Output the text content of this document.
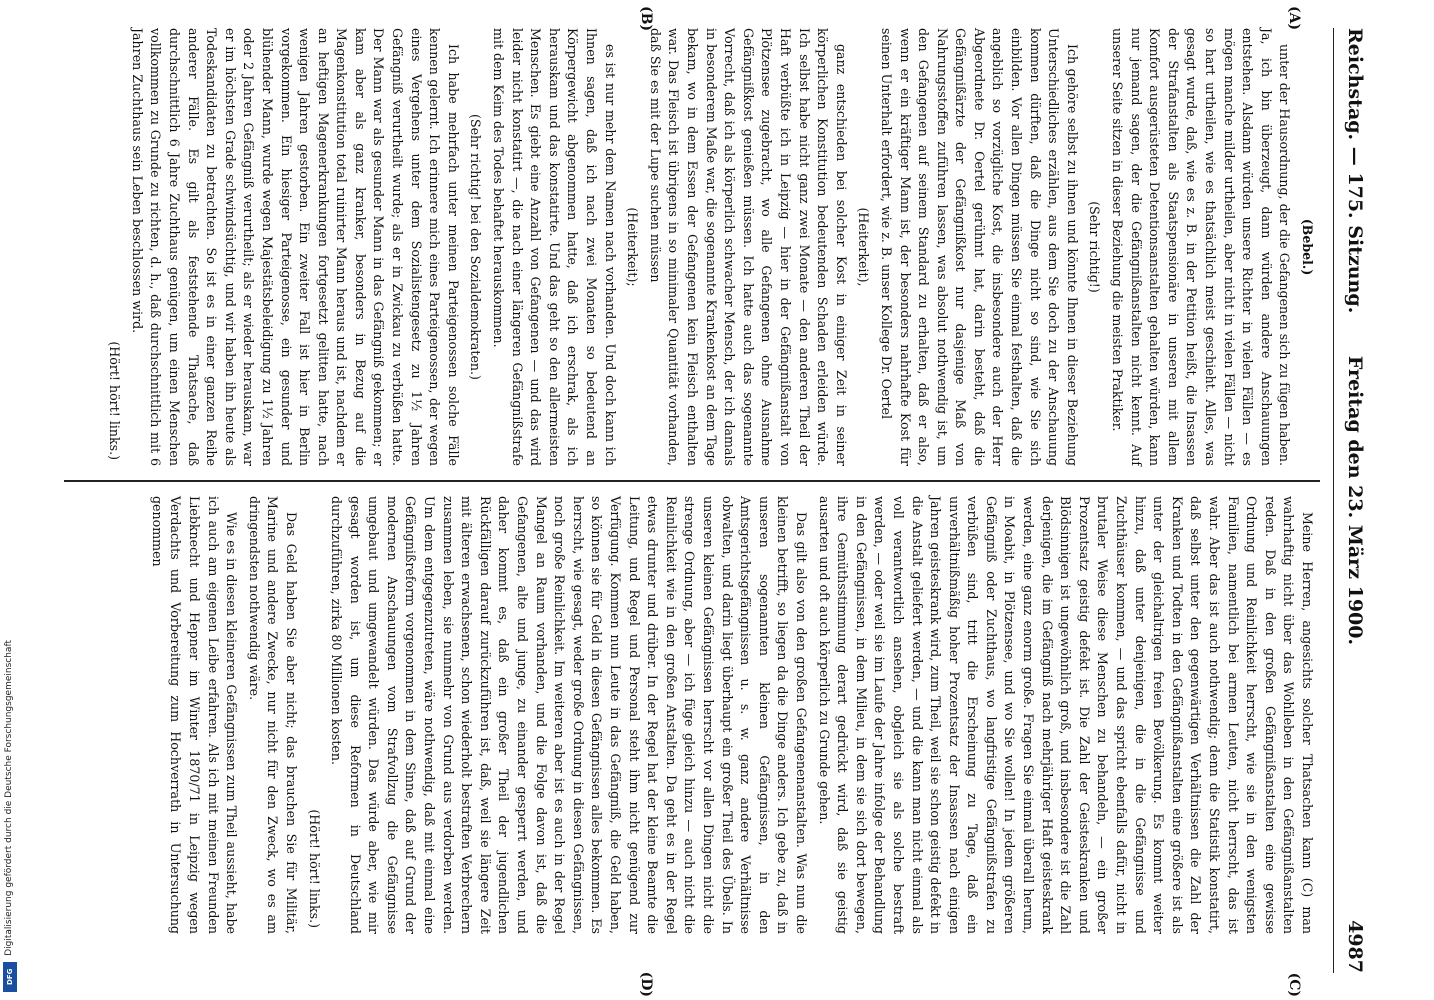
Reichstag. — 175. Sitzung.
Freitag den 23. März 1900.
4987

(Bebel.)

unter der Hausordnung, der die Gefangenen sich zu fügen haben. Ja, ich bin überzeugt, dann würden andere Anschauungen entstehen. Alsdann würden unsere Richter in vielen Fällen — es mögen manche milder urtheilen, aber nicht in vielen Fällen — nicht so hart urtheilen, wie es thatsächlich meist geschieht. Alles, was gesagt wurde, daß, wie es z. B. in der Petition heißt, die Insassen der Strafanstalten als Staatspensionäre in unseren mit allem Komfort ausgerüsteten Detentionsanstalten gehalten würden, kann nur jemand sagen, der die Gefängnißanstalten nicht kennt. Auf unserer Seite sitzen in dieser Beziehung die meisten Praktiker.

(Sehr richtig!)

Ich gehöre selbst zu ihnen und könnte Ihnen in dieser Beziehung Unterschiedliches erzählen, aus dem Sie doch zu der Anschauung kommen dürften, daß die Dinge nicht so sind, wie Sie sich einbilden. Vor allen Dingen müssen Sie einmal festhalten, daß die angeblich so vorzügliche Kost, die insbesondere auch der Herr Abgeordnete Dr. Oertel gerühmt hat, darin besteht, daß die Gefängnißärzte der Gefängnißkost nur dasjenige Maß von Nahrungsstoffen zuführen lassen, was absolut nothwendig ist, um den Gefangenen auf seinem Standard zu erhalten, daß er also, wenn er ein kräftiger Mann ist, der besonders nahrhafte Kost für seinen Unterhalt erfordert, wie z. B. unser Kollege Dr. Oertel

(Heiterkeit),

ganz entschieden bei solcher Kost in einiger Zeit in seiner körperlichen Konstitution bedeutenden Schaden erleiden würde. Ich selbst habe nicht ganz zwei Monate — den anderen Theil der Haft verbüßte ich in Leipzig — hier in der Gefängnißanstalt von Plötzensee zugebracht, wo alle Gefangenen ohne Ausnahme Gefängnißkost genießen müssen. Ich hatte auch das sogenannte Vorrecht, daß ich als körperlich schwacher Mensch, der ich damals in besonderem Maße war, die sogenannte Krankenkost an dem Tage bekam, wo in dem Essen der Gefangenen kein Fleisch enthalten war. Das Fleisch ist übrigens in so minimaler Quantität vorhanden, daß Sie es mit der Lupe suchen müssen

(Heiterkeit);

es ist nur mehr dem Namen nach vorhanden. Und doch kann ich Ihnen sagen, daß ich nach zwei Monaten so bedeutend an Körpergewicht abgenommen hatte, daß ich erschrak, als ich herauskam und das konstatirte. Und das geht so den allermeisten Menschen. Es giebt eine Anzahl von Gefangenen — und das wird leider nicht konstatirt —, die nach einer längeren Gefängnißstrafe mit dem Keim des Todes behaftet herauskommen.

(Sehr richtig! bei den Sozialdemokraten.)

Ich habe mehrfach unter meinen Parteigenossen solche Fälle kennen gelernt. Ich erinnere mich eines Parteigenossen, der wegen eines Vergehens unter dem Sozialistengesetz zu 1½ Jahren Gefängniß verurtheilt wurde; als er in Zwickau zu verbüßen hatte. Der Mann war als gesunder Mann in das Gefängniß gekommen; er kam aber als ganz kranker, besonders in Bezug auf die Magenkonstitution total ruinirter Mann heraus und ist, nachdem er an heftigen Magenerkrankungen fortgesetzt gelitten hatte, nach wenigen Jahren gestorben. Ein zweiter Fall ist hier in Berlin vorgekommen. Ein hiesiger Parteigenosse, ein gesunder und blühender Mann, wurde wegen Majestätsbeleidigung zu 1½ Jahren oder 2 Jahren Gefängniß verurtheilt; als er wieder herauskam, war er im höchsten Grade schwindsüchtig, und wir haben ihn heute als Todeskandidaten zu betrachten. So ist es in einer ganzen Reihe anderer Fälle. Es gilt als feststehende Thatsache, daß durchschnittlich 6 Jahre Zuchthaus genügen, um einen Menschen vollkommen zu Grunde zu richten, d. h., daß durchschnittlich mit 6 Jahren Zuchthaus sein Leben beschlossen wird.

(Hört! hört! links.)

Meine Herren, angesichts solcher Thatsachen kann (C) man wahrhaftig nicht über das Wohlleben in den Gefängnißanstalten reden. Daß in den großen Gefängnißanstalten eine gewisse Ordnung und Reinlichkeit herrscht, wie sie in den wenigsten Familien, namentlich bei armen Leuten, nicht herrscht, das ist wahr. Aber das ist auch nothwendig; denn die Statistik konstatirt, daß selbst unter den gegenwärtigen Verhältnissen die Zahl der Kranken und Todten in den Gefängnißanstalten eine größere ist als unter der gleichaltrigen freien Bevölkerung. Es kommt weiter hinzu, daß unter denjenigen, die in die Gefängnisse und Zuchthäuser kommen, — und das spricht ebenfalls dafür, nicht in brutaler Weise diese Menschen zu behandeln, — ein großer Prozentsatz geistig defekt ist. Die Zahl der Geisteskranken und Blödsinnigen ist ungewöhnlich groß, und insbesondere ist die Zahl derjenigen, die im Gefängniß nach mehrjähriger Haft geisteskrank werden, eine ganz enorm große. Fragen Sie einmal überall herum, in Moabit, in Plötzensee, und wo Sie wollen! In jedem größeren Gefängniß oder Zuchthaus, wo langfristige Gefängnißstrafen zu verbüßen sind, tritt die Erscheinung zu Tage, daß ein unverhältnißmäßig hoher Prozentsatz der Insassen nach einigen Jahren geisteskrank wird, zum Theil, weil sie schon geistig defekt in die Anstalt geliefert werden, — und die kann man nicht einmal als voll verantwortlich ansehen, obgleich sie als solche bestraft werden, — oder weil sie im Laufe der Jahre infolge der Behandlung in den Gefängnissen, in dem Milieu, in dem sie sich dort bewegen, ihre Gemüthsstimmung derart gedrückt wird, daß sie geistig ausarten und oft auch körperlich zu Grunde gehen.

Das gilt also von den großen Gefangenenanstalten. Was nun die kleinen betrifft, so liegen da die Dinge anders. Ich gebe zu, daß in unseren sogenannten kleinen Gefängnissen, in den Amtsgerichtsgefängnissen u. s. w. ganz andere Verhältnisse obwalten, und darin liegt überhaupt ein großer Theil des Übels. In unseren kleinen Gefängnissen herrscht vor allen Dingen nicht die strenge Ordnung, aber — ich füge gleich hinzu — auch nicht die Reinlichkeit wie in den großen Anstalten. Da geht es in der Regel etwas drunter und drüber. In der Regel hat der kleine Beamte die Leitung, und Regel und Personal steht ihm nicht genügend zur Verfügung. Kommen nun Leute in das Gefängniß, die Geld haben, so können sie für Geld in diesen Gefängnissen alles bekommen. Es herrscht, wie gesagt, weder große Ordnung in diesen Gefängnissen, noch große Reinlichkeit. Im weiteren aber ist es auch in der Regel Mangel an Raum vorhanden, und die Folge davon ist, daß die Gefangenen, alte und junge, zu einander gesperrt werden, und daher kommt es, daß ein großer Theil der jugendlichen Rückfälligen darauf zurückzuführen ist, daß, weil sie längere Zeit mit älteren erwachsenen, schon wiederholt bestraften Verbrechern zusammen leben, sie nunmehr von Grund aus verdorben werden. Um dem entgegenzutreten, wäre nothwendig, daß mit einmal eine Gefängnißreform vorgenommen in dem Sinne, daß auf Grund der modernen Anschauungen vom Strafvollzug die Gefängnisse umgebaut und umgewandelt würden. Das würde aber, wie mir gesagt worden ist, um diese Reformen in Deutschland durchzuführen, zirka 80 Millionen kosten.

(Hört! hört! links.)

Das Geld haben Sie aber nicht; das brauchen Sie für Militär, Marine und andere Zwecke, nur nicht für den Zweck, wo es am dringendsten nothwendig wäre.

Wie es in diesen kleineren Gefängnissen zum Theil aussieht, habe ich auch am eigenen Leibe erfahren. Als ich mit meinen Freunden Liebknecht und Hepner im Winter 1870/71 in Leipzig wegen Verdachts und Vorbereitung zum Hochverrath in Untersuchung genommen

(A)
(B)
(C)
(D)
Digitalisierung gefördert durch die Deutsche Forschungsgemeinschaft
DFG
